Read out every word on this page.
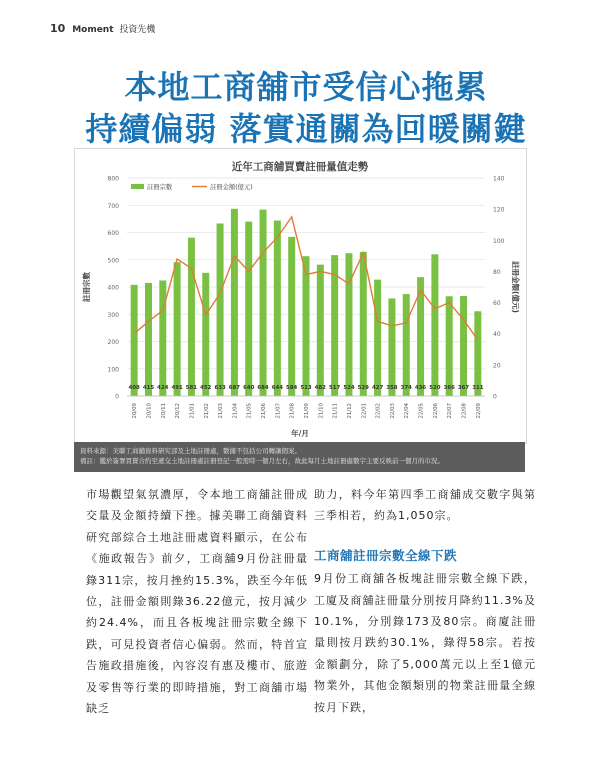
10 Moment 投資先機
本地工商舖市受信心拖累
持續偏弱 落實通關為回暖關鍵
近年工商舖買賣註冊量值走勢
0
100
200
300
400
500
600
700
800
0
20
40
60
80
100
120
140
408 415 424 491 581 452 633 687 640 684 644 584 513 482 517 524 529 427 358 374 436 520 366 367 311
20/09 20/10 20/11 20/12 21/01 21/02 21/03 21/04 21/05 21/06 21/07 21/08 21/09 21/10 21/11 21/12 22/01 22/02 22/03 22/04 22/05 22/06 22/07 22/08 22/09
年/月
註冊宗數	註冊金額(億元)
註冊宗數	註冊金額(億元)
資料來源：美聯工商舖資料研究部及土地註冊處，數據不包括公司轉讓個案。
備註：鑑於簽署買賣合約至遞交土地註冊處註冊登記一般需時一個月左右，故此每月土地註冊處數字主要反映前一個月的市況。

市場觀望氣氛濃厚，令本地工商舖註冊成交量及金額持續下挫。據美聯工商舖資料研究部綜合土地註冊處資料顯示，在公布《施政報告》前夕，工商舖9月份註冊量錄311宗，按月挫約15.3%，跌至今年低位，註冊金額則錄36.22億元，按月減少約24.4%，而且各板塊註冊宗數全線下跌，可見投資者信心偏弱。然而，特首宣告施政措施後，內容沒有惠及樓市、旅遊及零售等行業的即時措施，對工商舖市場缺乏

助力，料今年第四季工商舖成交數字與第三季相若，約為1,050宗。

工商舖註冊宗數全線下跌

9月份工商舖各板塊註冊宗數全線下跌，工廈及商舖註冊量分別按月降約11.3%及10.1%，分別錄173及80宗。商廈註冊量則按月跌約30.1%，錄得58宗。若按金額劃分，除了5,000萬元以上至1億元物業外，其他金額類別的物業註冊量全線按月下跌，
